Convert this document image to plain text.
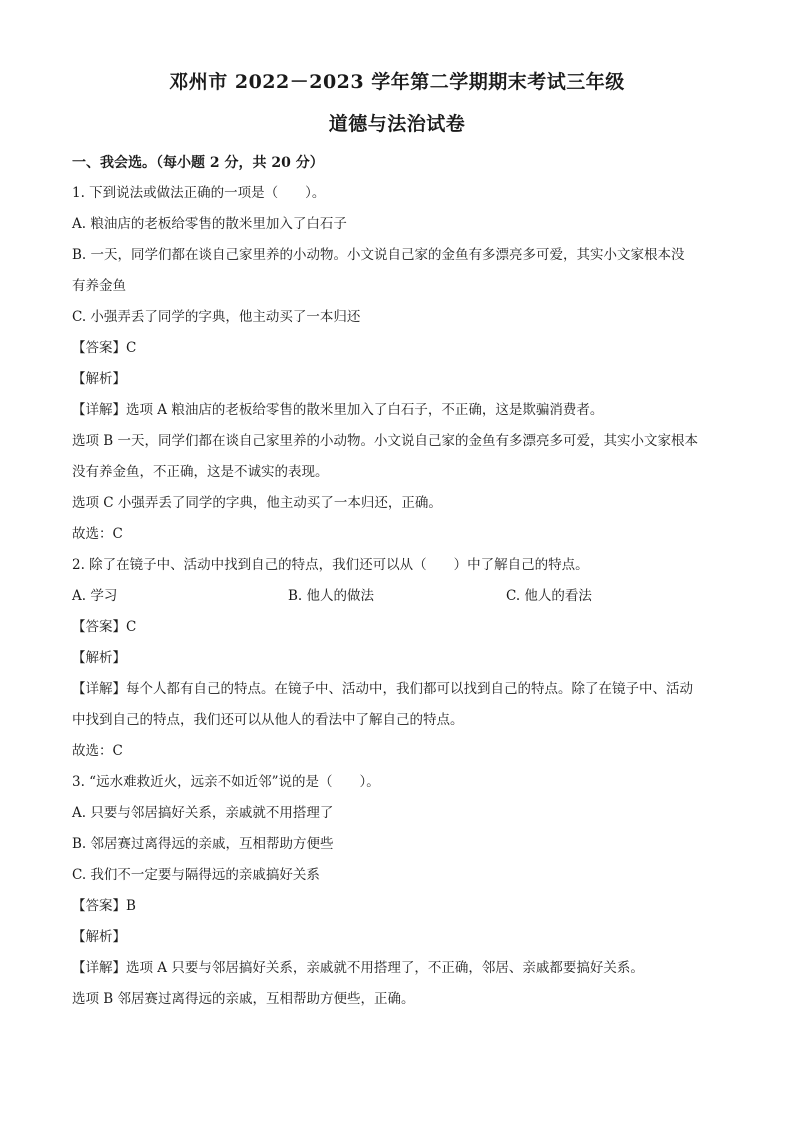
邓州市 2022－2023 学年第二学期期末考试三年级
道德与法治试卷

一、我会选。（每小题 2 分，共 20 分）

1. 下到说法或做法正确的一项是（　　）。

A. 粮油店的老板给零售的散米里加入了白石子

B. 一天，同学们都在谈自己家里养的小动物。小文说自己家的金鱼有多漂亮多可爱，其实小文家根本没

有养金鱼

C. 小强弄丢了同学的字典，他主动买了一本归还

【答案】C

【解析】

【详解】选项 A 粮油店的老板给零售的散米里加入了白石子，不正确，这是欺骗消费者。

选项 B 一天，同学们都在谈自己家里养的小动物。小文说自己家的金鱼有多漂亮多可爱，其实小文家根本

没有养金鱼，不正确，这是不诚实的表现。

选项 C 小强弄丢了同学的字典，他主动买了一本归还，正确。

故选：C

2. 除了在镜子中、活动中找到自己的特点，我们还可以从（　　）中了解自己的特点。

A. 学习	B. 他人的做法	C. 他人的看法

【答案】C

【解析】

【详解】每个人都有自己的特点。在镜子中、活动中，我们都可以找到自己的特点。除了在镜子中、活动

中找到自己的特点，我们还可以从他人的看法中了解自己的特点。

故选：C

3. “远水难救近火，远亲不如近邻”说的是（　　）。

A. 只要与邻居搞好关系，亲戚就不用搭理了

B. 邻居赛过离得远的亲戚，互相帮助方便些

C. 我们不一定要与隔得远的亲戚搞好关系

【答案】B

【解析】

【详解】选项 A 只要与邻居搞好关系，亲戚就不用搭理了，不正确，邻居、亲戚都要搞好关系。

选项 B 邻居赛过离得远的亲戚，互相帮助方便些，正确。
